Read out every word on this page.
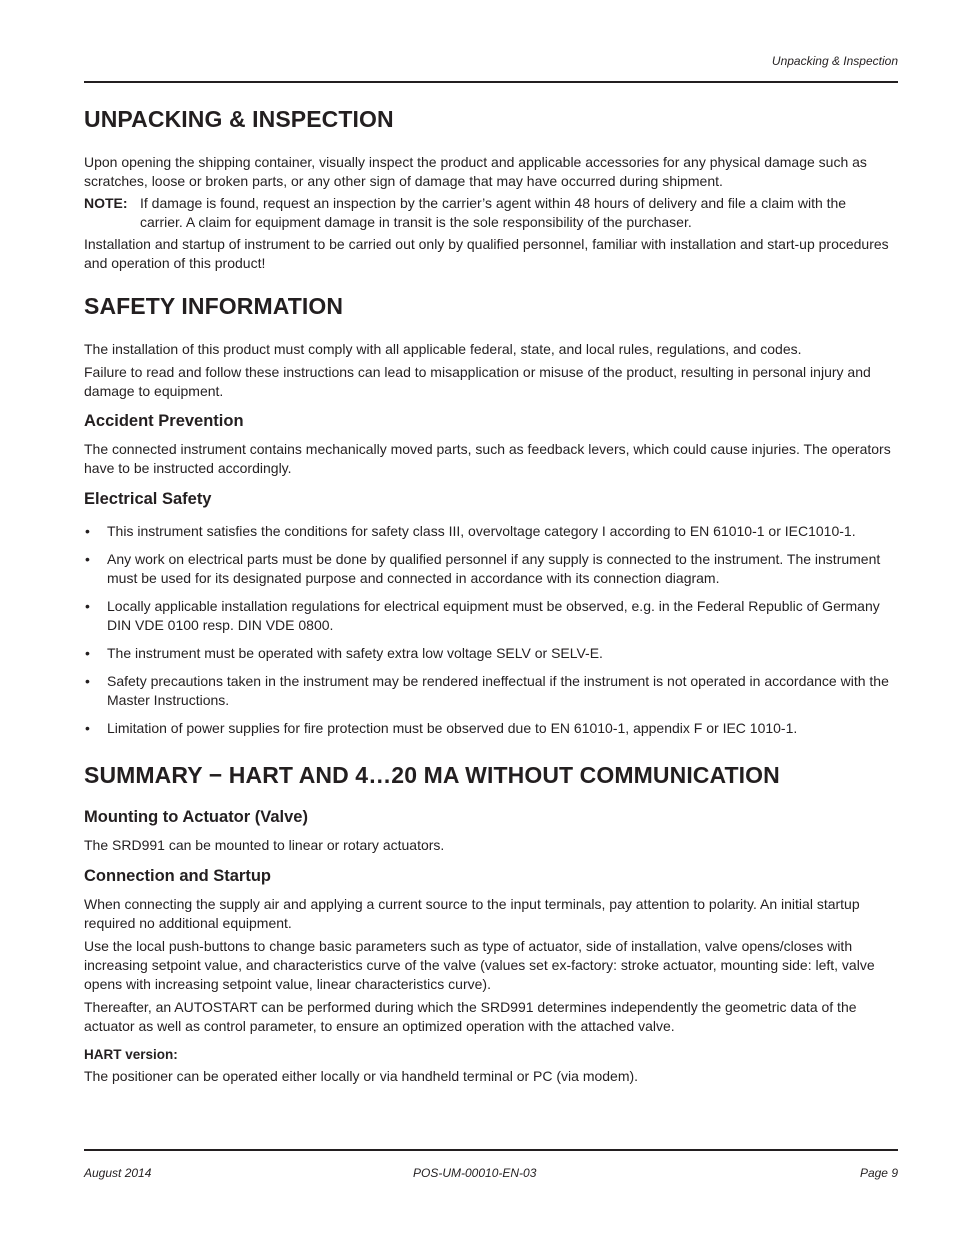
Unpacking & Inspection
UNPACKING & INSPECTION

Upon opening the shipping container, visually inspect the product and applicable accessories for any physical damage such as scratches, loose or broken parts, or any other sign of damage that may have occurred during shipment.

NOTE: If damage is found, request an inspection by the carrier’s agent within 48 hours of delivery and file a claim with the carrier. A claim for equipment damage in transit is the sole responsibility of the purchaser.

Installation and startup of instrument to be carried out only by qualified personnel, familiar with installation and start-up procedures and operation of this product!

SAFETY INFORMATION

The installation of this product must comply with all applicable federal, state, and local rules, regulations, and codes.

Failure to read and follow these instructions can lead to misapplication or misuse of the product, resulting in personal injury and damage to equipment.

Accident Prevention

The connected instrument contains mechanically moved parts, such as feedback levers, which could cause injuries. The operators have to be instructed accordingly.

Electrical Safety
• This instrument satisfies the conditions for safety class III, overvoltage category I according to EN 61010-1 or IEC1010-1.
• Any work on electrical parts must be done by qualified personnel if any supply is connected to the instrument. The instrument must be used for its designated purpose and connected in accordance with its connection diagram.
• Locally applicable installation regulations for electrical equipment must be observed, e.g. in the Federal Republic of Germany DIN VDE 0100 resp. DIN VDE 0800.
• The instrument must be operated with safety extra low voltage SELV or SELV-E.
• Safety precautions taken in the instrument may be rendered ineffectual if the instrument is not operated in accordance with the Master Instructions.
• Limitation of power supplies for fire protection must be observed due to EN 61010-1, appendix F or IEC 1010-1.
SUMMARY − HART AND 4…20 MA WITHOUT COMMUNICATION
Mounting to Actuator (Valve)

The SRD991 can be mounted to linear or rotary actuators.

Connection and Startup

When connecting the supply air and applying a current source to the input terminals, pay attention to polarity. An initial startup required no additional equipment.

Use the local push-buttons to change basic parameters such as type of actuator, side of installation, valve opens/closes with increasing setpoint value, and characteristics curve of the valve (values set ex-factory: stroke actuator, mounting side: left, valve opens with increasing setpoint value, linear characteristics curve).

Thereafter, an AUTOSTART can be performed during which the SRD991 determines independently the geometric data of the actuator as well as control parameter, to ensure an optimized operation with the attached valve.

HART version:

The positioner can be operated either locally or via handheld terminal or PC (via modem).

August 2014	POS-UM-00010-EN-03	Page 9
